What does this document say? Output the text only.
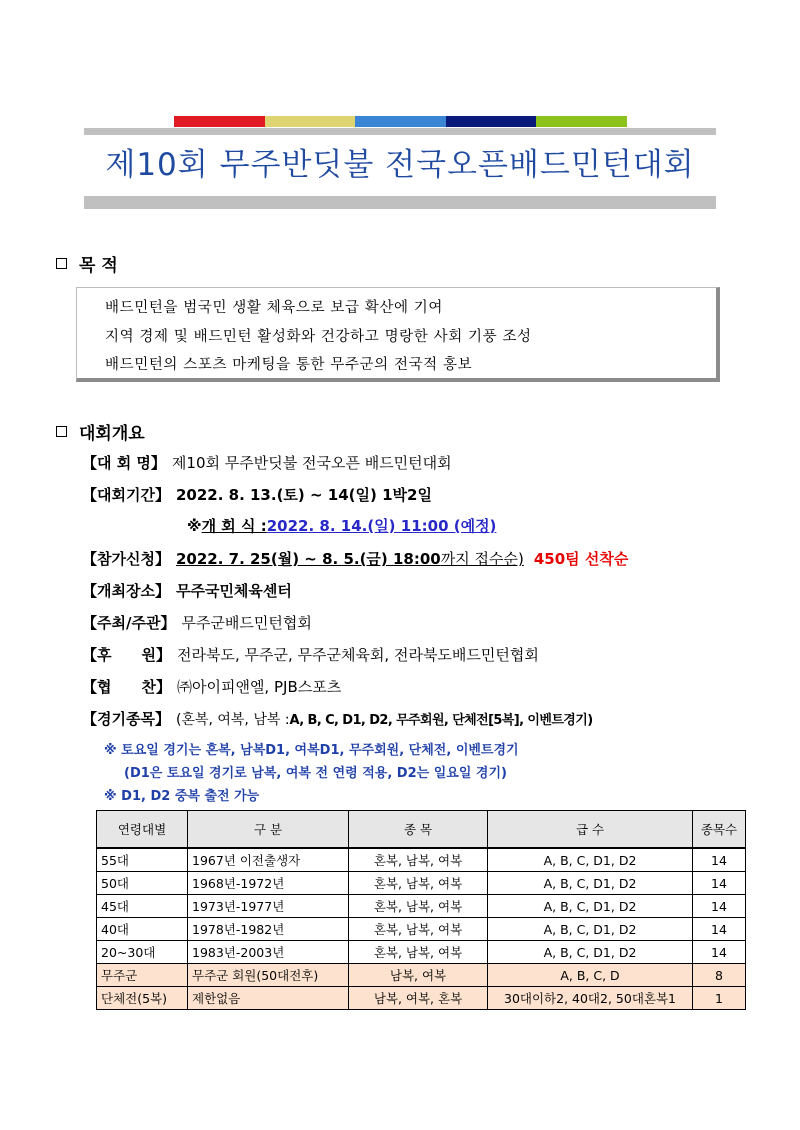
제10회 무주반딧불 전국오픈배드민턴대회
목 적
배드민턴을 범국민 생활 체육으로 보급 확산에 기여
지역 경제 및 배드민턴 활성화와 건강하고 명랑한 사회 기풍 조성
배드민턴의 스포츠 마케팅을 통한 무주군의 전국적 홍보
대회개요
【대 회 명】 제10회 무주반딧불 전국오픈 배드민턴대회
【대회기간】 2022. 8. 13.(토) ~ 14(일) 1박2일
※ 개 회 식 : 2022. 8. 14.(일) 11:00 (예정)
【참가신청】 2022. 7. 25(월) ~ 8. 5.(금) 18:00 까지 접수순) 450팀 선착순
【개최장소】 무주국민체육센터
【주최/주관】 무주군배드민턴협회
【후　　원】 전라북도, 무주군, 무주군체육회, 전라북도배드민턴협회
【협　　찬】 ㈜아이피앤엘, PJB스포츠
【경기종목】 (혼복, 여복, 남복 : A, B, C, D1, D2, 무주회원, 단체전[5복], 이벤트경기)
※ 토요일 경기는 혼복, 남복D1, 여복D1, 무주회원, 단체전, 이벤트경기
(D1은 토요일 경기로 남복, 여복 전 연령 적용, D2는 일요일 경기)
※ D1, D2 중복 출전 가능
연령대별	구 분	종 목	급 수	종목수
55대	1967년 이전출생자	혼복, 남복, 여복	A, B, C, D1, D2	14
50대	1968년-1972년	혼복, 남복, 여복	A, B, C, D1, D2	14
45대	1973년-1977년	혼복, 남복, 여복	A, B, C, D1, D2	14
40대	1978년-1982년	혼복, 남복, 여복	A, B, C, D1, D2	14
20~30대	1983년-2003년	혼복, 남복, 여복	A, B, C, D1, D2	14
무주군	무주군 회원(50대전후)	남복, 여복	A, B, C, D	8
단체전(5복)	제한없음	남복, 여복, 혼복	30대이하2, 40대2, 50대혼복1	1
